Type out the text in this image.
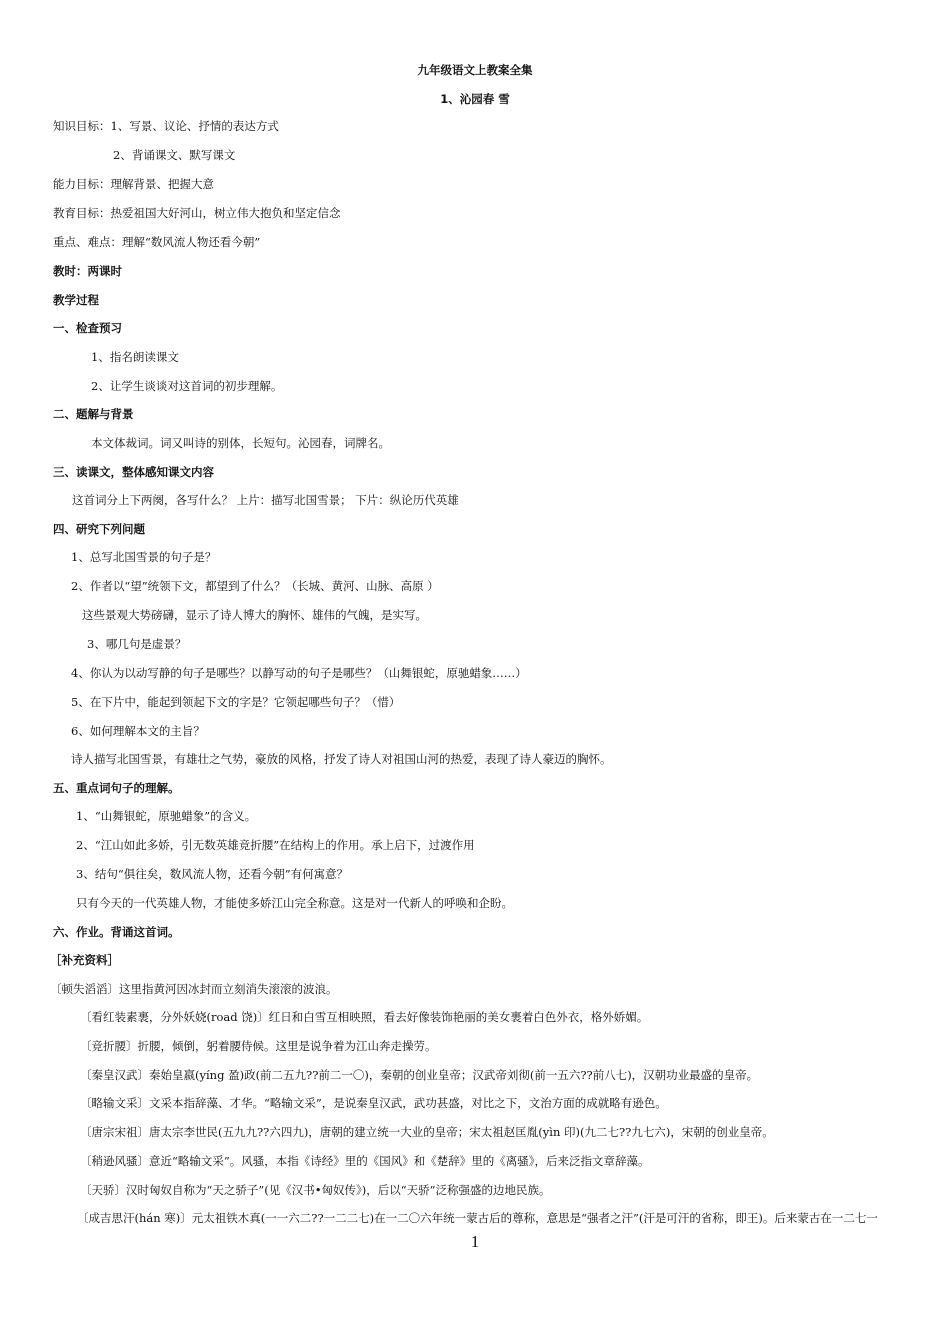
九年级语文上教案全集
1、沁园春 雪
知识目标：1、写景、议论、抒情的表达方式
2、背诵课文、默写课文
能力目标：理解背景、把握大意
教育目标：热爱祖国大好河山，树立伟大抱负和坚定信念
重点、难点：理解“数风流人物还看今朝”
教时：两课时
教学过程
一、检查预习
1、指名朗读课文
2、让学生谈谈对这首词的初步理解。
二、题解与背景
本文体裁词。词又叫诗的别体，长短句。沁园春，词牌名。
三、读课文，整体感知课文内容
这首词分上下两阕，各写什么？ 上片：描写北国雪景； 下片：纵论历代英雄
四、研究下列问题
1、总写北国雪景的句子是？
2、作者以“望”统领下文，都望到了什么？（长城、黄河、山脉、高原 ）
这些景观大势磅礴，显示了诗人博大的胸怀、雄伟的气魄，是实写。
3、哪几句是虚景？
4、你认为以动写静的句子是哪些？以静写动的句子是哪些？（山舞银蛇，原驰蜡象……）
5、在下片中，能起到领起下文的字是？它领起哪些句子？（惜）
6、如何理解本文的主旨？
诗人描写北国雪景，有雄壮之气势，豪放的风格，抒发了诗人对祖国山河的热爱，表现了诗人豪迈的胸怀。
五、重点词句子的理解。
1、“山舞银蛇，原驰蜡象”的含义。
2、“江山如此多娇，引无数英雄竞折腰”在结构上的作用。承上启下，过渡作用
3、结句“俱往矣，数风流人物，还看今朝”有何寓意？
只有今天的一代英雄人物，才能使多娇江山完全称意。这是对一代新人的呼唤和企盼。
六、作业。背诵这首词。
［补充资料］
〔顿失滔滔〕这里指黄河因冰封而立刻消失滚滚的波浪。
〔看红装素裹，分外妖娆(road 饶)〕红日和白雪互相映照，看去好像装饰艳丽的美女裹着白色外衣，格外娇媚。
〔竞折腰〕折腰，倾倒，躬着腰侍候。这里是说争着为江山奔走操劳。
〔秦皇汉武〕秦始皇嬴(yíng 盈)政(前二五九??前二一〇)，秦朝的创业皇帝；汉武帝刘彻(前一五六??前八七)，汉朝功业最盛的皇帝。
〔略输文采〕文采本指辞藻、才华。“略输文采”，是说秦皇汉武，武功甚盛，对比之下，文治方面的成就略有逊色。
〔唐宗宋祖〕唐太宗李世民(五九九??六四九)，唐朝的建立统一大业的皇帝；宋太祖赵匡胤(yìn 印)(九二七??九七六)，宋朝的创业皇帝。
〔稍逊风骚〕意近“略输文采”。风骚，本指《诗经》里的《国风》和《楚辞》里的《离骚》，后来泛指文章辞藻。
〔天骄〕汉时匈奴自称为“天之骄子”(见《汉书•匈奴传》)，后以“天骄”泛称强盛的边地民族。
〔成吉思汗(hán 寒)〕元太祖铁木真(一一六二??一二二七)在一二〇六年统一蒙古后的尊称，意思是“强者之汗”(汗是可汗的省称，即王)。后来蒙古在一二七一
1
